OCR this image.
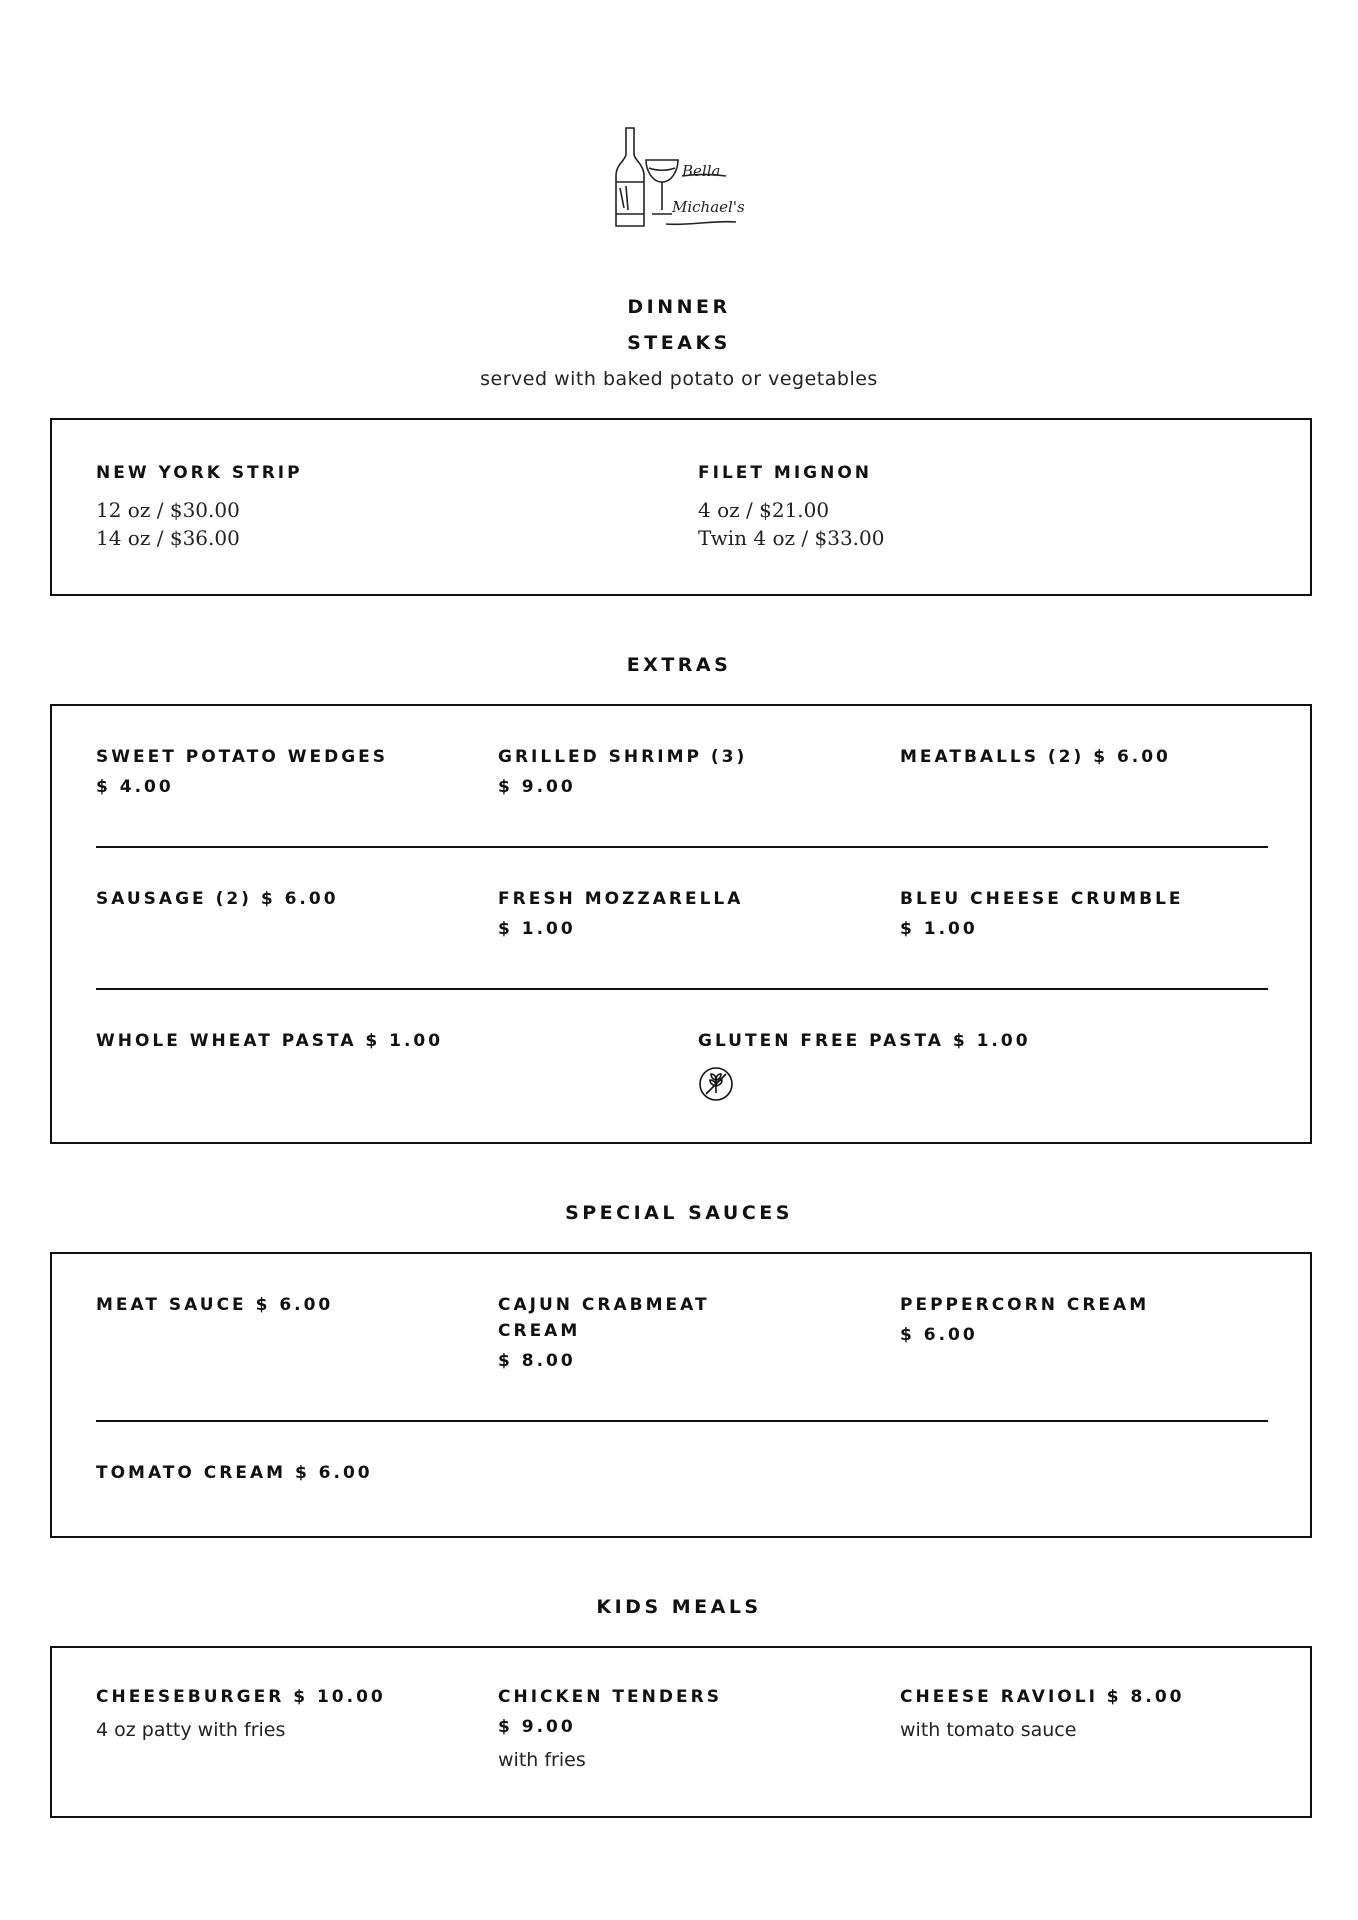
Bella
Michael's
DINNER
STEAKS
served with baked potato or vegetables
NEW YORK STRIP
12 oz / $30.00
14 oz / $36.00
FILET MIGNON
4 oz / $21.00
Twin 4 oz / $33.00
EXTRAS
SWEET POTATO WEDGES
$ 4.00
GRILLED SHRIMP (3)
$ 9.00
MEATBALLS (2) $ 6.00
SAUSAGE (2) $ 6.00	FRESH MOZZARELLA
$ 1.00
BLEU CHEESE CRUMBLE
$ 1.00
WHOLE WHEAT PASTA $ 1.00	GLUTEN FREE PASTA $ 1.00
SPECIAL SAUCES
MEAT SAUCE $ 6.00	CAJUN CRABMEAT CREAM
$ 8.00
PEPPERCORN CREAM
$ 6.00
TOMATO CREAM $ 6.00
KIDS MEALS
CHEESEBURGER $ 10.00
4 oz patty with fries
CHICKEN TENDERS
$ 9.00
with fries
CHEESE RAVIOLI $ 8.00
with tomato sauce
